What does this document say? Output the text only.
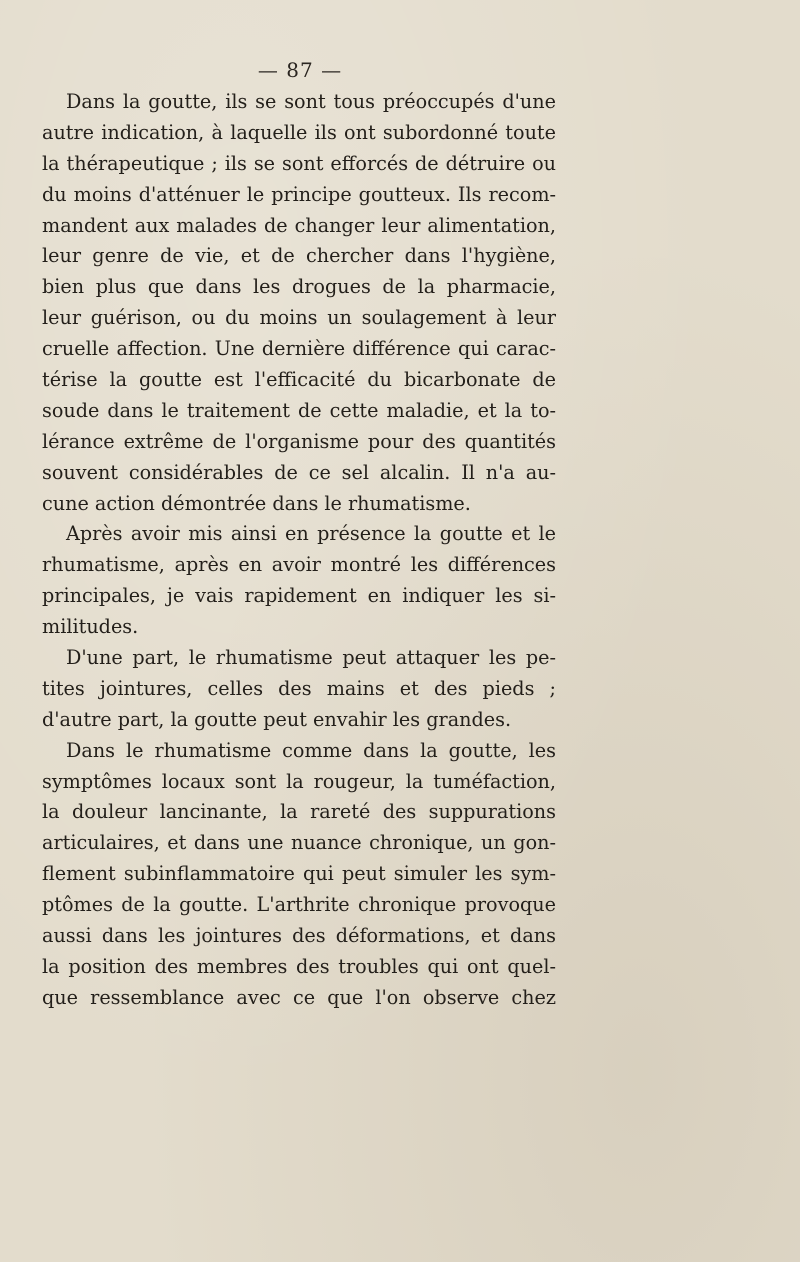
— 87 —
Dans la goutte, ils se sont tous préoccupés d'une
autre indication, à laquelle ils ont subordonné toute
la thérapeutique ; ils se sont efforcés de détruire ou
du moins d'atténuer le principe goutteux. Ils recom-
mandent aux malades de changer leur alimentation,
leur genre de vie, et de chercher dans l'hygiène,
bien plus que dans les drogues de la pharmacie,
leur guérison, ou du moins un soulagement à leur
cruelle affection. Une dernière différence qui carac-
térise la goutte est l'efficacité du bicarbonate de
soude dans le traitement de cette maladie, et la to-
lérance extrême de l'organisme pour des quantités
souvent considérables de ce sel alcalin. Il n'a au-
cune action démontrée dans le rhumatisme.
Après avoir mis ainsi en présence la goutte et le
rhumatisme, après en avoir montré les différences
principales, je vais rapidement en indiquer les si-
militudes.
D'une part, le rhumatisme peut attaquer les pe-
tites jointures, celles des mains et des pieds ;
d'autre part, la goutte peut envahir les grandes.
Dans le rhumatisme comme dans la goutte, les
symptômes locaux sont la rougeur, la tuméfaction,
la douleur lancinante, la rareté des suppurations
articulaires, et dans une nuance chronique, un gon-
flement subinflammatoire qui peut simuler les sym-
ptômes de la goutte. L'arthrite chronique provoque
aussi dans les jointures des déformations, et dans
la position des membres des troubles qui ont quel-
que ressemblance avec ce que l'on observe chez
